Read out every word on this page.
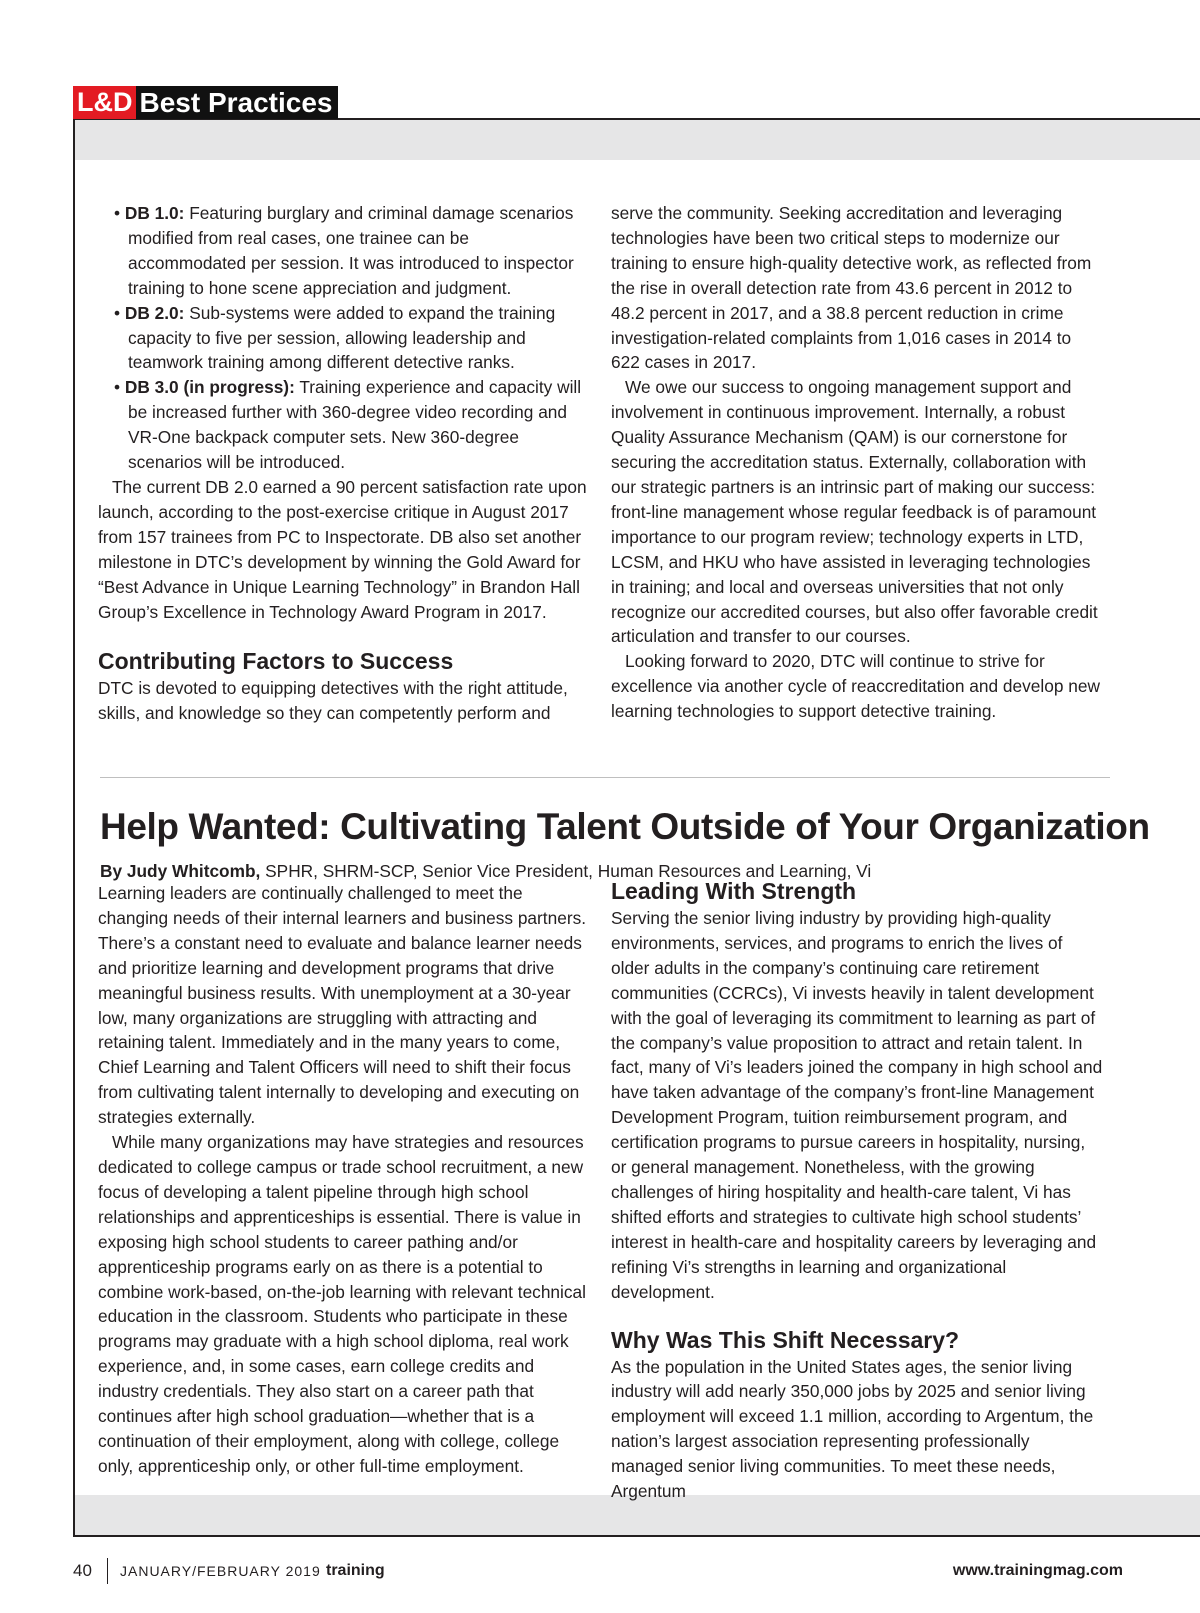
L&D Best Practices

• DB 1.0: Featuring burglary and criminal damage scenarios modified from real cases, one trainee can be accommodated per session. It was introduced to inspector training to hone scene appreciation and judgment.

• DB 2.0: Sub-systems were added to expand the training capacity to five per session, allowing leadership and teamwork training among different detective ranks.

• DB 3.0 (in progress): Training experience and capacity will be increased further with 360-degree video recording and VR-One backpack computer sets. New 360-degree scenarios will be introduced.

The current DB 2.0 earned a 90 percent satisfaction rate upon launch, according to the post-exercise critique in August 2017 from 157 trainees from PC to Inspectorate. DB also set another milestone in DTC’s development by winning the Gold Award for “Best Advance in Unique Learning Technology” in Brandon Hall Group’s Excellence in Technology Award Program in 2017.

Contributing Factors to Success

DTC is devoted to equipping detectives with the right attitude, skills, and knowledge so they can competently perform and

serve the community. Seeking accreditation and leveraging technologies have been two critical steps to modernize our training to ensure high-quality detective work, as reflected from the rise in overall detection rate from 43.6 percent in 2012 to 48.2 percent in 2017, and a 38.8 percent reduction in crime investigation-related complaints from 1,016 cases in 2014 to 622 cases in 2017.

We owe our success to ongoing management support and involvement in continuous improvement. Internally, a robust Quality Assurance Mechanism (QAM) is our cornerstone for securing the accreditation status. Externally, collaboration with our strategic partners is an intrinsic part of making our success: front-line management whose regular feedback is of paramount importance to our program review; technology experts in LTD, LCSM, and HKU who have assisted in leveraging technologies in training; and local and overseas universities that not only recognize our accredited courses, but also offer favorable credit articulation and transfer to our courses.

Looking forward to 2020, DTC will continue to strive for excellence via another cycle of reaccreditation and develop new learning technologies to support detective training.

Help Wanted: Cultivating Talent Outside of Your Organization
By Judy Whitcomb, SPHR, SHRM-SCP, Senior Vice President, Human Resources and Learning, Vi

Learning leaders are continually challenged to meet the changing needs of their internal learners and business partners. There’s a constant need to evaluate and balance learner needs and prioritize learning and development programs that drive meaningful business results. With unemployment at a 30-year low, many organizations are struggling with attracting and retaining talent. Immediately and in the many years to come, Chief Learning and Talent Officers will need to shift their focus from cultivating talent internally to developing and executing on strategies externally.

While many organizations may have strategies and resources dedicated to college campus or trade school recruitment, a new focus of developing a talent pipeline through high school relationships and apprenticeships is essential. There is value in exposing high school students to career pathing and/or apprenticeship programs early on as there is a potential to combine work-based, on-the-job learning with relevant technical education in the classroom. Students who participate in these programs may graduate with a high school diploma, real work experience, and, in some cases, earn college credits and industry credentials. They also start on a career path that continues after high school graduation—whether that is a continuation of their employment, along with college, college only, apprenticeship only, or other full-time employment.

Leading With Strength

Serving the senior living industry by providing high-quality environments, services, and programs to enrich the lives of older adults in the company’s continuing care retirement communities (CCRCs), Vi invests heavily in talent development with the goal of leveraging its commitment to learning as part of the company’s value proposition to attract and retain talent. In fact, many of Vi’s leaders joined the company in high school and have taken advantage of the company’s front-line Management Development Program, tuition reimbursement program, and certification programs to pursue careers in hospitality, nursing, or general management. Nonetheless, with the growing challenges of hiring hospitality and health-care talent, Vi has shifted efforts and strategies to cultivate high school students’ interest in health-care and hospitality careers by leveraging and refining Vi’s strengths in learning and organizational development.

Why Was This Shift Necessary?

As the population in the United States ages, the senior living industry will add nearly 350,000 jobs by 2025 and senior living employment will exceed 1.1 million, according to Argentum, the nation’s largest association representing professionally managed senior living communities. To meet these needs, Argentum

40 JANUARY/FEBRUARY 2019 training	www.trainingmag.com
